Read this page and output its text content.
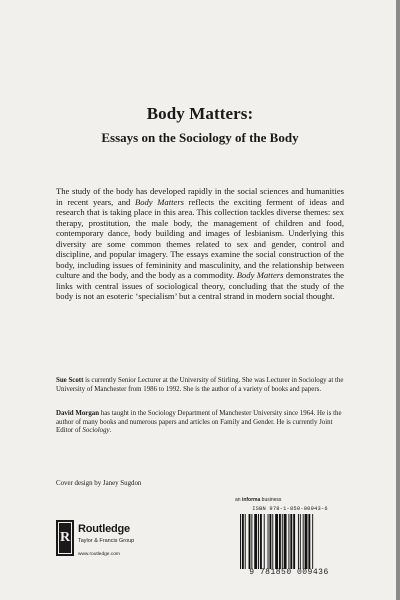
Body Matters:
Essays on the Sociology of the Body

The study of the body has developed rapidly in the social sciences and humanities in recent years, and Body Matters reflects the exciting ferment of ideas and research that is taking place in this area. This collection tackles diverse themes: sex therapy, prostitution, the male body, the management of children and food, contemporary dance, body building and images of lesbianism. Underlying this diversity are some common themes related to sex and gender, control and discipline, and popular imagery. The essays examine the social construction of the body, including issues of femininity and masculinity, and the relationship between culture and the body, and the body as a commodity. Body Matters demonstrates the links with central issues of sociological theory, concluding that the study of the body is not an esoteric ‘specialism’ but a central strand in modern social thought.

Sue Scott is currently Senior Lecturer at the University of Stirling. She was Lecturer in Sociology at the University of Manchester from 1986 to 1992. She is the author of a variety of books and papers.

David Morgan has taught in the Sociology Department of Manchester University since 1964. He is the author of many books and numerous papers and articles on Family and Gender. He is currently Joint Editor of Sociology.

Cover design by Janey Sugdon
an informa business
R
Routledge
Taylor & Francis Group
www.routledge.com
ISBN 978-1-850-00943-6
9 781850 009436
